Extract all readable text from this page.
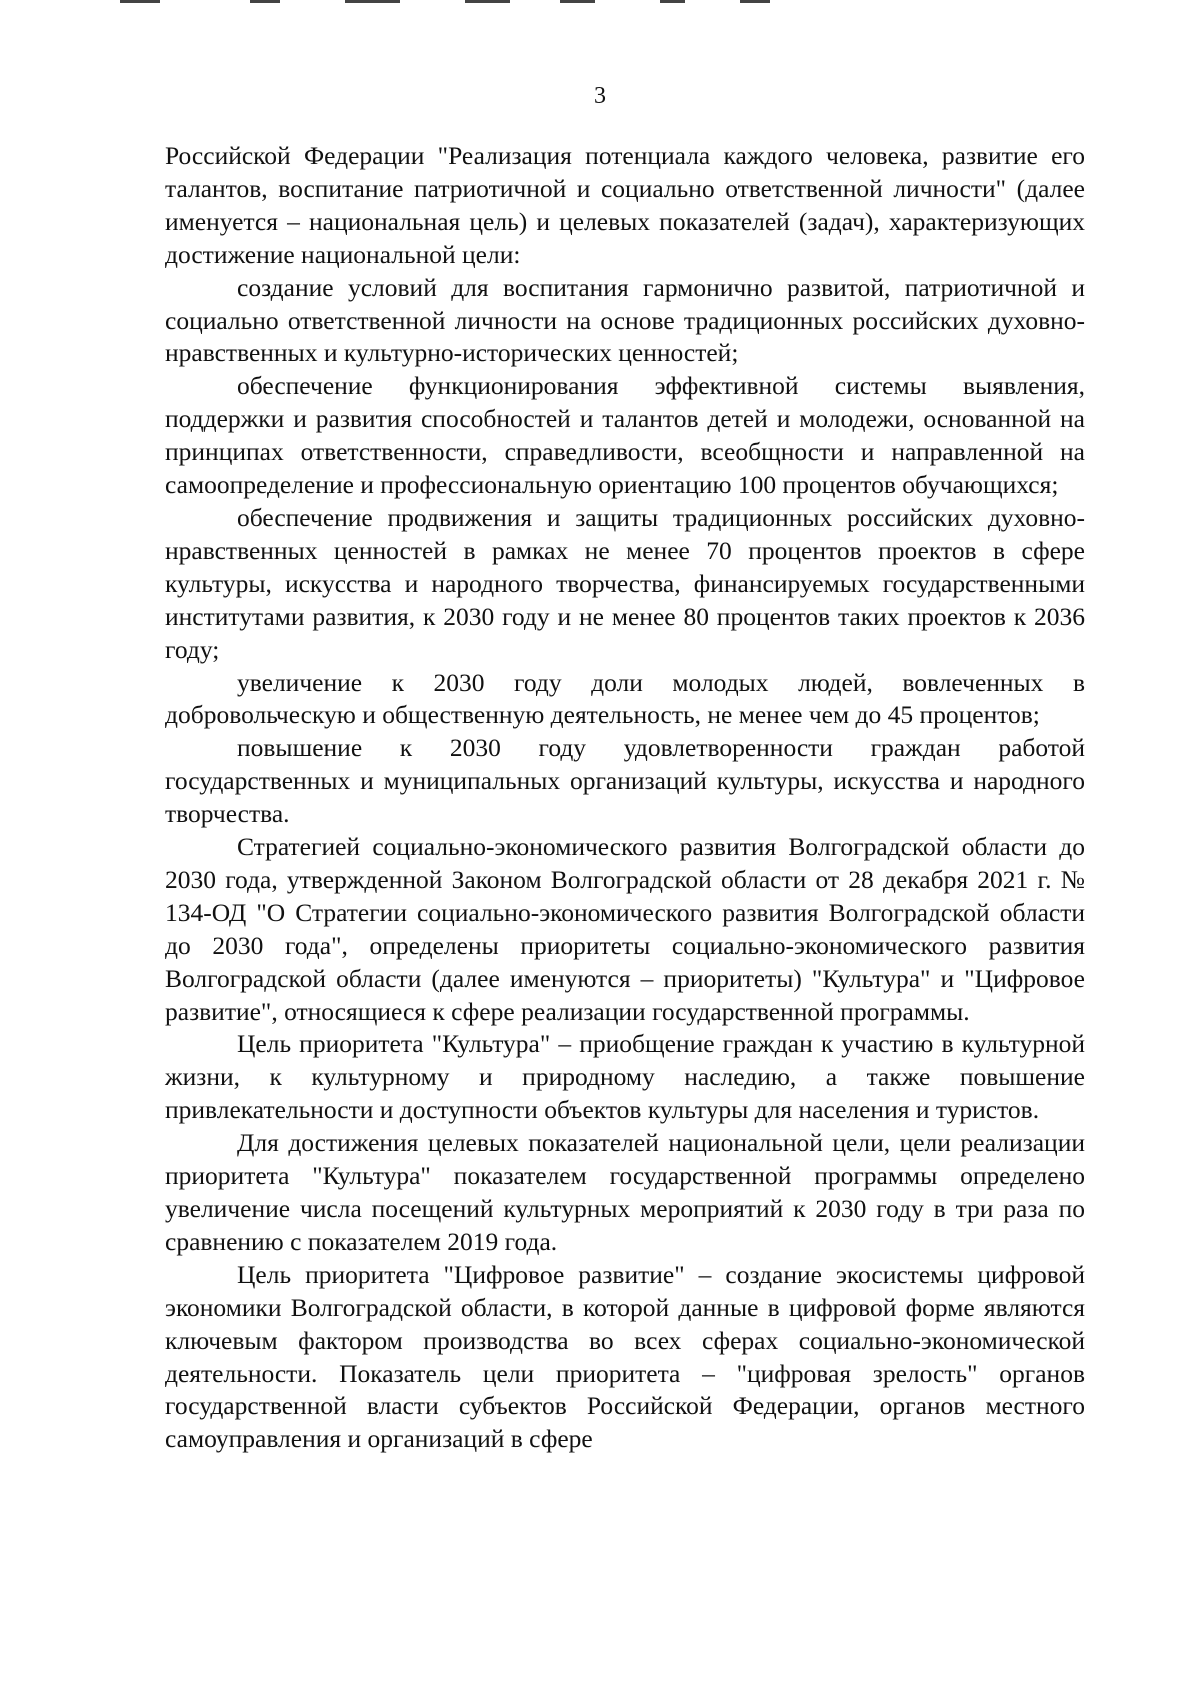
3

Российской Федерации "Реализация потенциала каждого человека, развитие его талантов, воспитание патриотичной и социально ответственной личности" (далее именуется – национальная цель) и целевых показателей (задач), характеризующих достижение национальной цели:

создание условий для воспитания гармонично развитой, патриотичной и социально ответственной личности на основе традиционных российских духовно-нравственных и культурно-исторических ценностей;

обеспечение функционирования эффективной системы выявления, поддержки и развития способностей и талантов детей и молодежи, основанной на принципах ответственности, справедливости, всеобщности и направленной на самоопределение и профессиональную ориентацию 100 процентов обучающихся;

обеспечение продвижения и защиты традиционных российских духовно-нравственных ценностей в рамках не менее 70 процентов проектов в сфере культуры, искусства и народного творчества, финансируемых государственными институтами развития, к 2030 году и не менее 80 процентов таких проектов к 2036 году;

увеличение к 2030 году доли молодых людей, вовлеченных в добровольческую и общественную деятельность, не менее чем до 45 процентов;

повышение к 2030 году удовлетворенности граждан работой государственных и муниципальных организаций культуры, искусства и народного творчества.

Стратегией социально-экономического развития Волгоградской области до 2030 года, утвержденной Законом Волгоградской области от 28 декабря 2021 г. № 134-ОД "О Стратегии социально-экономического развития Волгоградской области до 2030 года", определены приоритеты социально-экономического развития Волгоградской области (далее именуются – приоритеты) "Культура" и "Цифровое развитие", относящиеся к сфере реализации государственной программы.

Цель приоритета "Культура" – приобщение граждан к участию в культурной жизни, к культурному и природному наследию, а также повышение привлекательности и доступности объектов культуры для населения и туристов.

Для достижения целевых показателей национальной цели, цели реализации приоритета "Культура" показателем государственной программы определено увеличение числа посещений культурных мероприятий к 2030 году в три раза по сравнению с показателем 2019 года.

Цель приоритета "Цифровое развитие" – создание экосистемы цифровой экономики Волгоградской области, в которой данные в цифровой форме являются ключевым фактором производства во всех сферах социально-экономической деятельности. Показатель цели приоритета – "цифровая зрелость" органов государственной власти субъектов Российской Федерации, органов местного самоуправления и организаций в сфере
